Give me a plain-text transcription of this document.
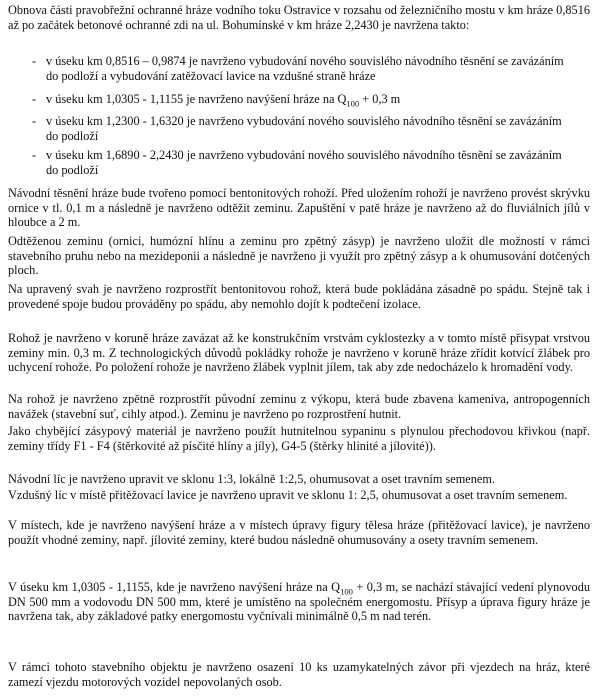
Obnova části pravobřežní ochranné hráze vodního toku Ostravice v rozsahu od železničního mostu v km hráze 0,8516 až po začátek betonové ochranné zdi na ul. Bohumínské v km hráze 2,2430 je navržena takto:
- v úseku km 0,8516 – 0,9874 je navrženo vybudování nového souvislého návodního těsnění se zavázáním do podloží a vybudování zatěžovací lavice na vzdušné straně hráze
- v úseku km 1,0305 - 1,1155 je navrženo navýšení hráze na $Q_{100} + 0,3$ m
- v úseku km 1,2300 - 1,6320 je navrženo vybudování nového souvislého návodního těsnění se zavázáním do podloží
- v úseku km 1,6890 - 2,2430 je navrženo vybudování nového souvislého návodního těsnění se zavázáním do podloží
Návodní těsnění hráze bude tvořeno pomocí bentonitových rohoží. Před uložením rohoží je navrženo provést skrývku ornice v tl. 0,1 m a následně je navrženo odtěžit zeminu. Zapuštění v patě hráze je navrženo až do fluviálních jílů v hloubce a 2 m.
Odtěženou zeminu (ornici, humózní hlínu a zeminu pro zpětný zásyp) je navrženo uložit dle možností v rámci stavebního pruhu nebo na mezideponii a následně je navrženo ji využít pro zpětný zásyp a k ohumusování dotčených ploch.
Na upravený svah je navrženo rozprostřít bentonitovou rohož, která bude pokládána zásadně po spádu. Stejně tak i provedené spoje budou prováděny po spádu, aby nemohlo dojít k podtečení izolace.
Rohož je navrženo v koruně hráze zavázat až ke konstrukčním vrstvám cyklostezky a v tomto místě přisypat vrstvou zeminy min. 0,3 m. Z technologických důvodů pokládky rohože je navrženo v koruně hráze zřídit kotvící žlábek pro uchycení rohože. Po položení rohože je navrženo žlábek vyplnit jílem, tak aby zde nedocházelo k hromadění vody.
Na rohož je navrženo zpětně rozprostřít původní zeminu z výkopu, která bude zbavena kameniva, antropogenních navážek (stavební suť, cihly atpod.). Zeminu je navrženo po rozprostření hutnit.
Jako chybějící zásypový materiál je navrženo použít hutnitelnou sypaninu s plynulou přechodovou křivkou (např. zeminy třídy F1 - F4 (štěrkovité až písčité hlíny a jíly), G4-5 (štěrky hlinité a jílovité)).
Návodní líc je navrženo upravit ve sklonu 1:3, lokálně 1:2,5, ohumusovat a oset travním semenem.
Vzdušný líc v místě přitěžovací lavice je navrženo upravit ve sklonu 1: 2,5, ohumusovat a oset travním semenem.
V místech, kde je navrženo navýšení hráze a v místech úpravy figury tělesa hráze (přitěžovací lavice), je navrženo použít vhodné zeminy, např. jílovité zeminy, které budou následně ohumusovány a osety travním semenem.
V úseku km 1,0305 - 1,1155, kde je navrženo navýšení hráze na $Q_{100} + 0,3$ m, se nachází stávající vedení plynovodu DN 500 mm a vodovodu DN 500 mm, které je umístěno na společném energomostu. Přísyp a úprava figury hráze je navržena tak, aby základové patky energomostu vyčnívali minimálně 0,5 m nad terén.
V rámci tohoto stavebního objektu je navrženo osazení 10 ks uzamykatelných závor při vjezdech na hráz, které zamezí vjezdu motorových vozidel nepovolaných osob.
